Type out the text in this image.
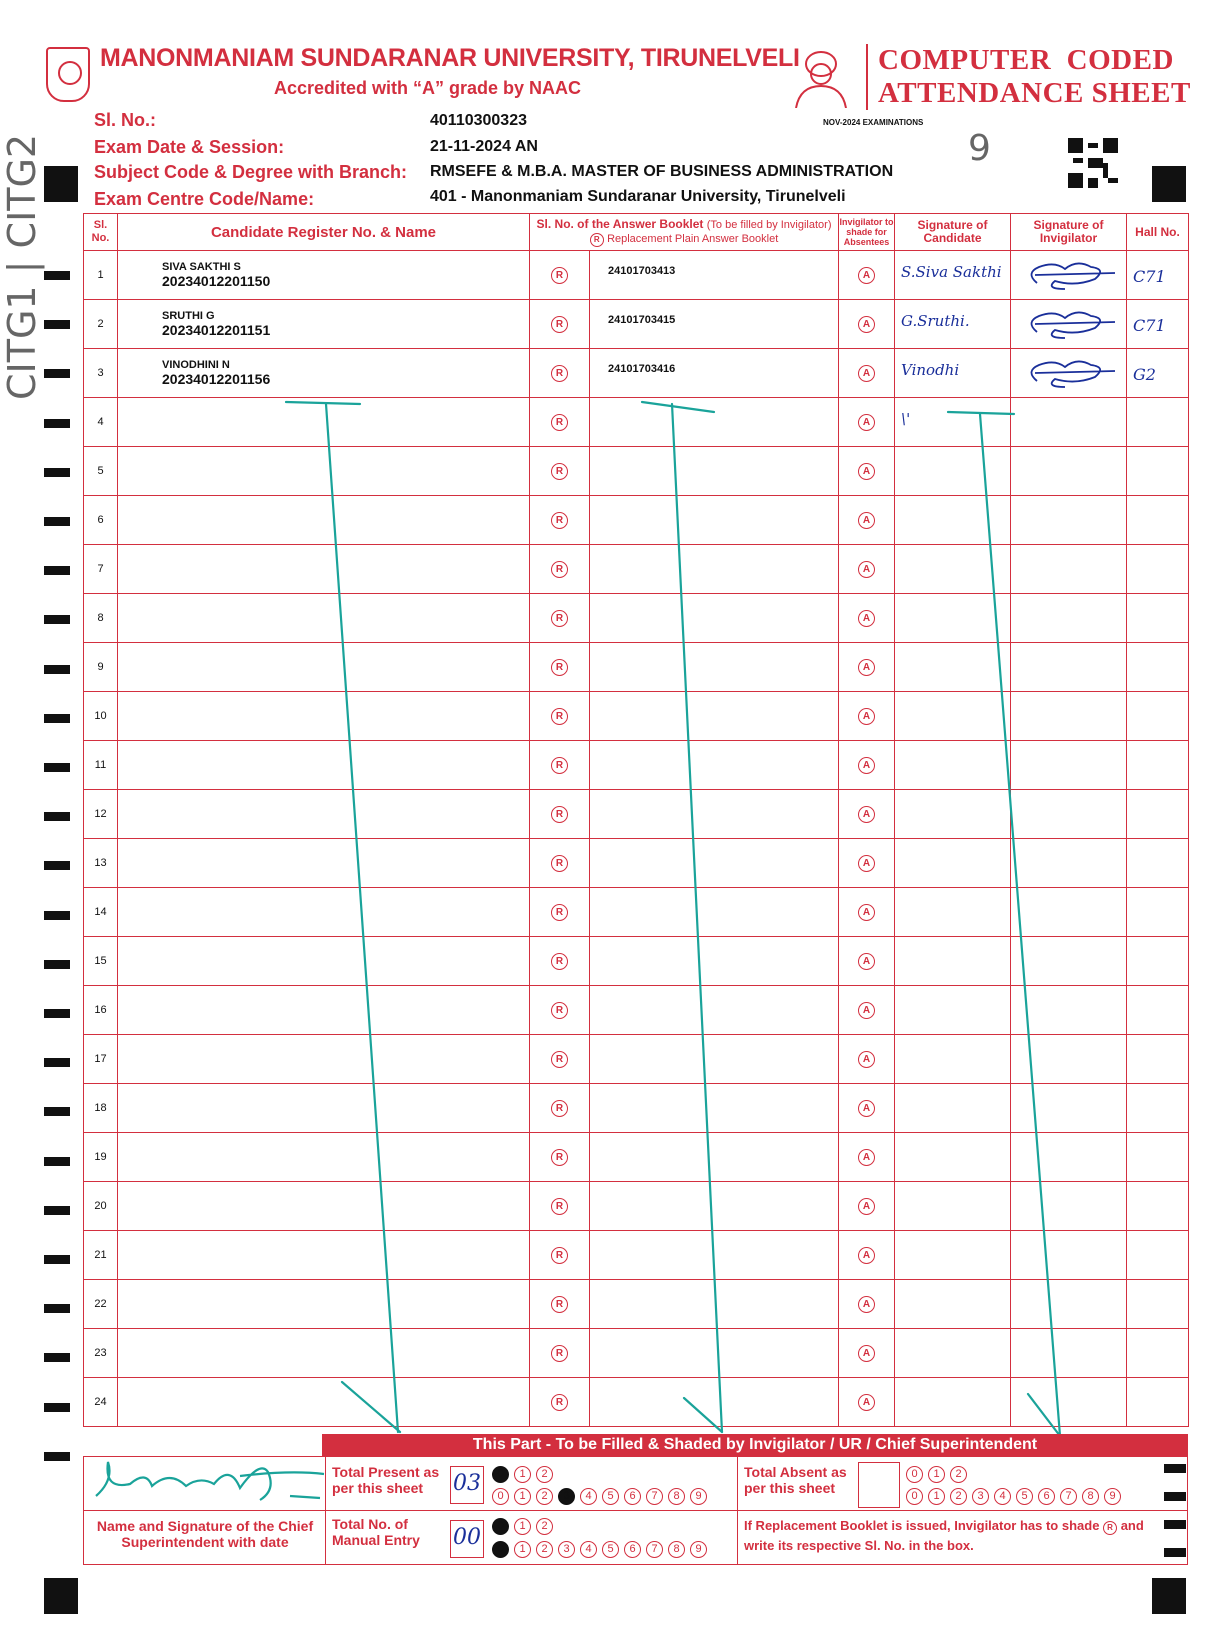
MANONMANIAM SUNDARANAR UNIVERSITY, TIRUNELVELI
Accredited with “A” grade by NAAC
COMPUTER  CODED
ATTENDANCE SHEET
NOV-2024 EXAMINATIONS
Sl. No.:	40110300323
Exam Date & Session:	21-11-2024 AN
Subject Code & Degree with Branch: RMSEFE & M.B.A. MASTER OF BUSINESS ADMINISTRATION
Exam Centre Code/Name:	401 - Manonmaniam Sundaranar University, Tirunelveli
9
CITG1 | CITG2	Sl. No.	Candidate Register No. & Name	Sl. No. of the Answer Booklet (To be filled by Invigilator)
R Replacement Plain Answer Booklet		Invigilator to shade for Absentees	Signature of Candidate	Signature of Invigilator	Hall No.

1	SIVA SAKTHI S
20234012201150	R	24101703413	A	S.Siva Sakthi		C71

2	SRUTHI G
20234012201151	R	24101703415	A	G.Sruthi.		C71

3	VINODHINI N
20234012201156	R	24101703416	A	Vinodhi		G2

4		R		A	\'		

5		R		A	

6		R		A	

7		R		A	

8		R		A	

9		R		A	

10		R		A	

11		R		A	

12		R		A	

13		R		A	

14		R		A	

15		R		A	

16		R		A	

17		R		A	

18		R		A	

19		R		A	

20		R		A	

21		R		A	

22		R		A	

23		R		A	

24		R		A	

This Part - To be Filled & Shaded by Invigilator / UR / Chief Superintendent
Name and Signature of the Chief Superintendent with date
Total Present as per this sheet	03	0 1 2
0 1 2 3 4 5 6 7 8 9
Total No. of Manual Entry	00	0 1 2
0 1 2 3 4 5 6 7 8 9
Total Absent as per this sheet
0 1 2
0 1 2 3 4 5 6 7 8 9
If Replacement Booklet is issued, Invigilator has to shade R and write its respective Sl. No. in the box.
